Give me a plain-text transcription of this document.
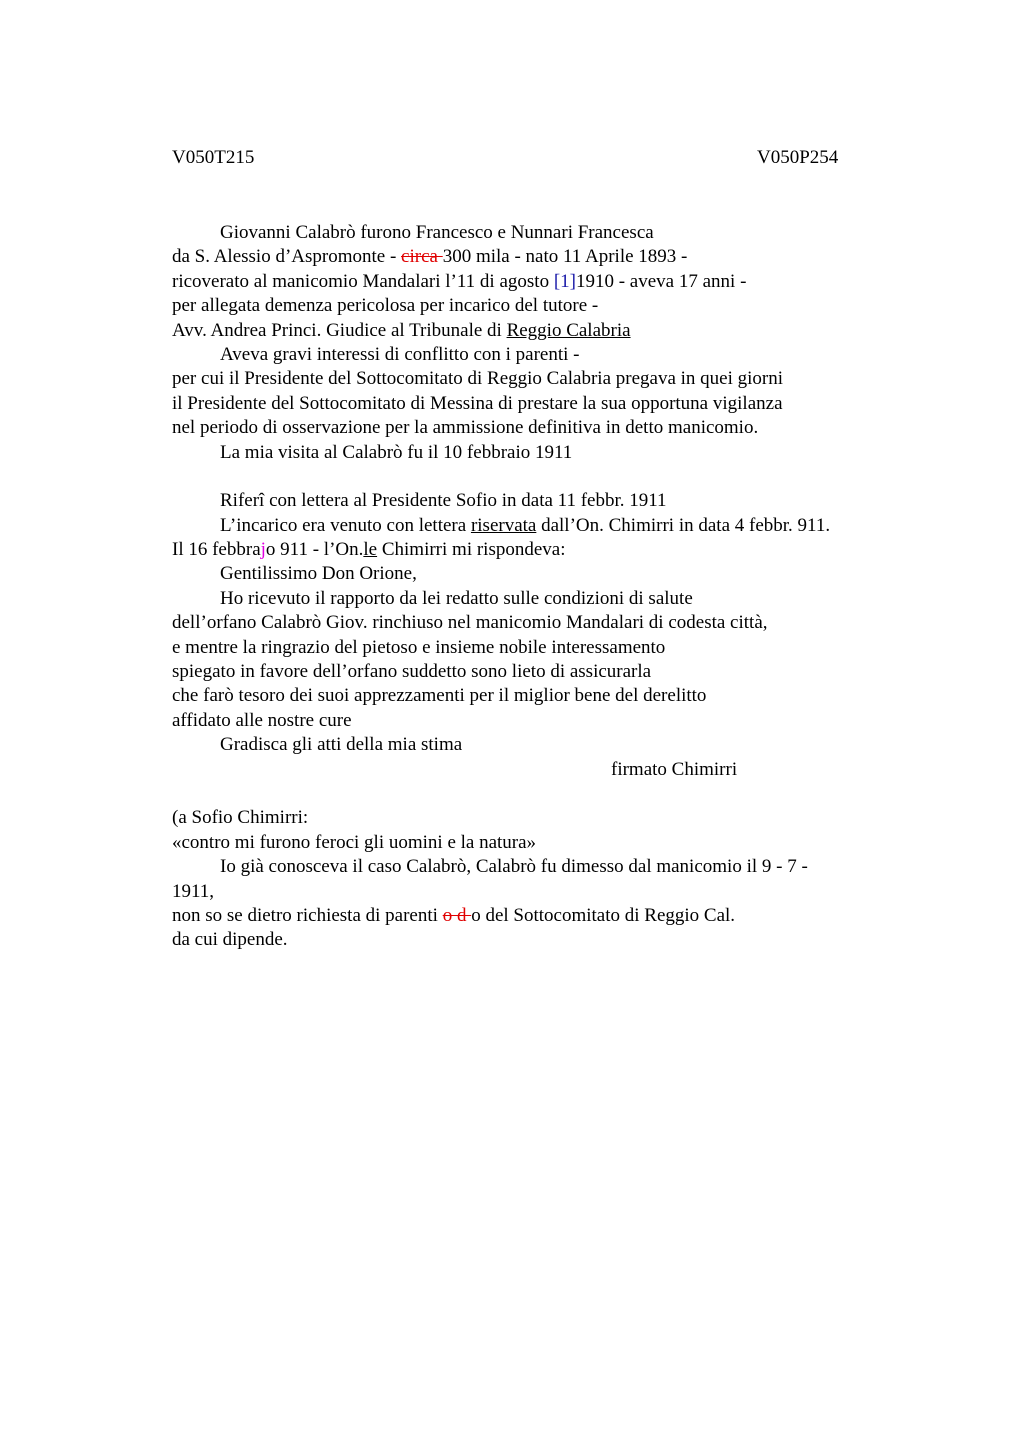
V050T215	V050P254
Giovanni Calabrò furono Francesco e Nunnari Francesca
da S. Alessio d’Aspromonte - circa 300 mila - nato 11 Aprile 1893 -
ricoverato al manicomio Mandalari l’11 di agosto [1]1910 - aveva 17 anni -
per allegata demenza pericolosa per incarico del tutore -
Avv. Andrea Princi. Giudice al Tribunale di Reggio Calabria
Aveva gravi interessi di conflitto con i parenti -
per cui il Presidente del Sottocomitato di Reggio Calabria pregava in quei giorni
il Presidente del Sottocomitato di Messina di prestare la sua opportuna vigilanza
nel periodo di osservazione per la ammissione definitiva in detto manicomio.
La mia visita al Calabrò fu il 10 febbraio 1911
Riferi con lettera al Presidente Sofio in data 11 febbr. 1911
L’incarico era venuto con lettera riservata dall’On. Chimirri in data 4 febbr. 911.
Il 16 febbrajo 911 - l’On.le Chimirri mi rispondeva:
Gentilissimo Don Orione,
Ho ricevuto il rapporto da lei redatto sulle condizioni di salute
dell’orfano Calabrò Giov. rinchiuso nel manicomio Mandalari di codesta città,
e mentre la ringrazio del pietoso e insieme nobile interessamento
spiegato in favore dell’orfano suddetto sono lieto di assicurarla
che farò tesoro dei suoi apprezzamenti per il miglior bene del derelitto
affidato alle nostre cure
Gradisca gli atti della mia stima
firmato Chimirri
(a Sofio Chimirri:
«contro mi furono feroci gli uomini e la natura»
Io già conosceva il caso Calabrò, Calabrò fu dimesso dal manicomio il 9 - 7 -
1911,
non so se dietro richiesta di parenti o d o del Sottocomitato di Reggio Cal.
da cui dipende.
